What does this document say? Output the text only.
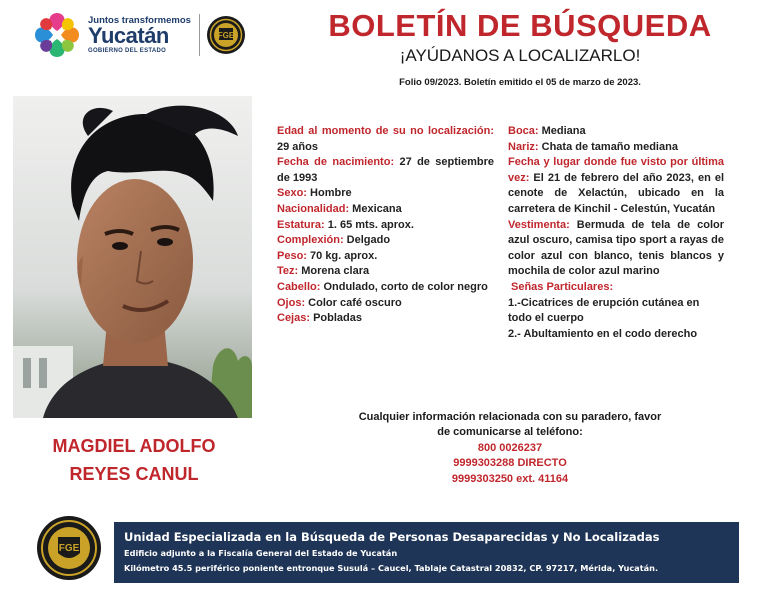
Juntos transformemos
Yucatán
GOBIERNO DEL ESTADO
FGE	BOLETÍN DE BÚSQUEDA
¡AYÚDANOS A LOCALIZARLO!
Folio 09/2023. Boletín emitido el 05 de marzo de 2023.
MAGDIEL ADOLFO
REYES CANUL
Edad al momento de su no localización: 29 años
Fecha de nacimiento: 27 de septiembre de 1993
Sexo: Hombre
Nacionalidad: Mexicana
Estatura: 1. 65 mts. aprox.
Complexión: Delgado
Peso: 70 kg. aprox.
Tez: Morena clara
Cabello: Ondulado, corto de color negro
Ojos: Color café oscuro
Cejas: Pobladas
Boca: Mediana
Nariz: Chata de tamaño mediana
Fecha y lugar donde fue visto por última vez: El 21 de febrero del año 2023, en el cenote de Xelactún, ubicado en la carretera de Kinchil - Celestún, Yucatán
Vestimenta: Bermuda de tela de color azul oscuro, camisa tipo sport a rayas de color azul con blanco, tenis blancos y mochila de color azul marino
Señas Particulares:
1.-Cicatrices de erupción cutánea en todo el cuerpo
2.- Abultamiento en el codo derecho
Cualquier información relacionada con su paradero, favor
de comunicarse al teléfono:
800 0026237
9999303288 DIRECTO
9999303250 ext. 41164
FGE
Unidad Especializada en la Búsqueda de Personas Desaparecidas y No Localizadas
Edificio adjunto a la Fiscalía General del Estado de Yucatán
Kilómetro 45.5 periférico poniente entronque Susulá – Caucel, Tablaje Catastral 20832, CP. 97217, Mérida, Yucatán.
